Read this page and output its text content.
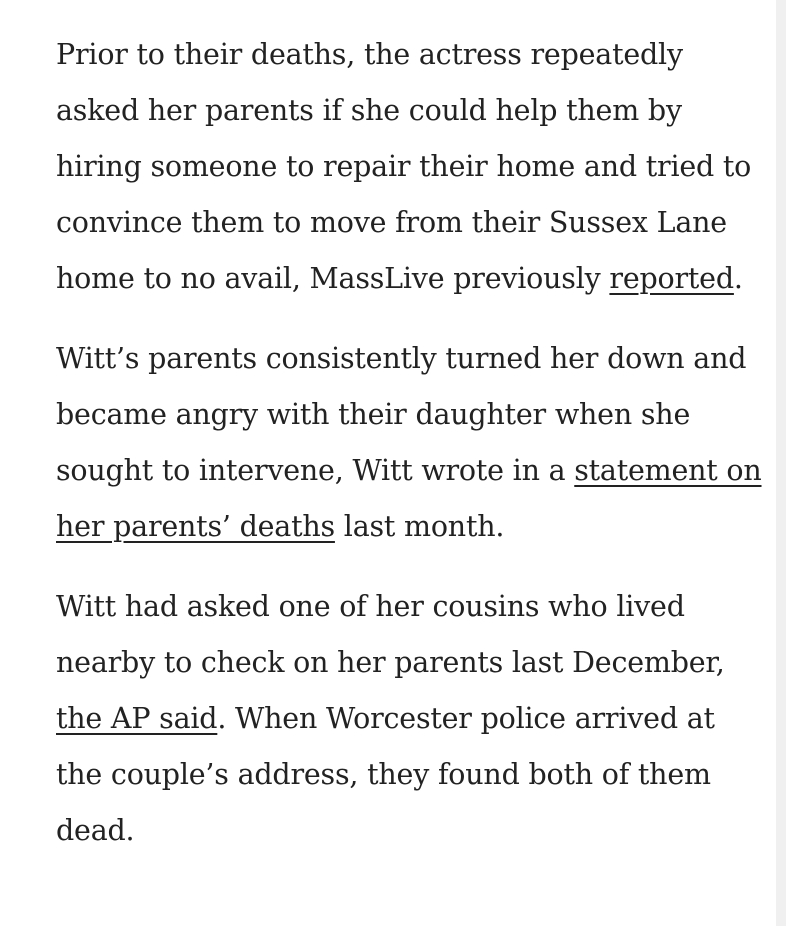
Prior to their deaths, the actress repeatedly asked her parents if she could help them by hiring someone to repair their home and tried to convince them to move from their Sussex Lane home to no avail, MassLive previously reported.

Witt’s parents consistently turned her down and became angry with their daughter when she sought to intervene, Witt wrote in a statement on her parents’ deaths last month.

Witt had asked one of her cousins who lived nearby to check on her parents last December, the AP said. When Worcester police arrived at the couple’s address, they found both of them dead.
